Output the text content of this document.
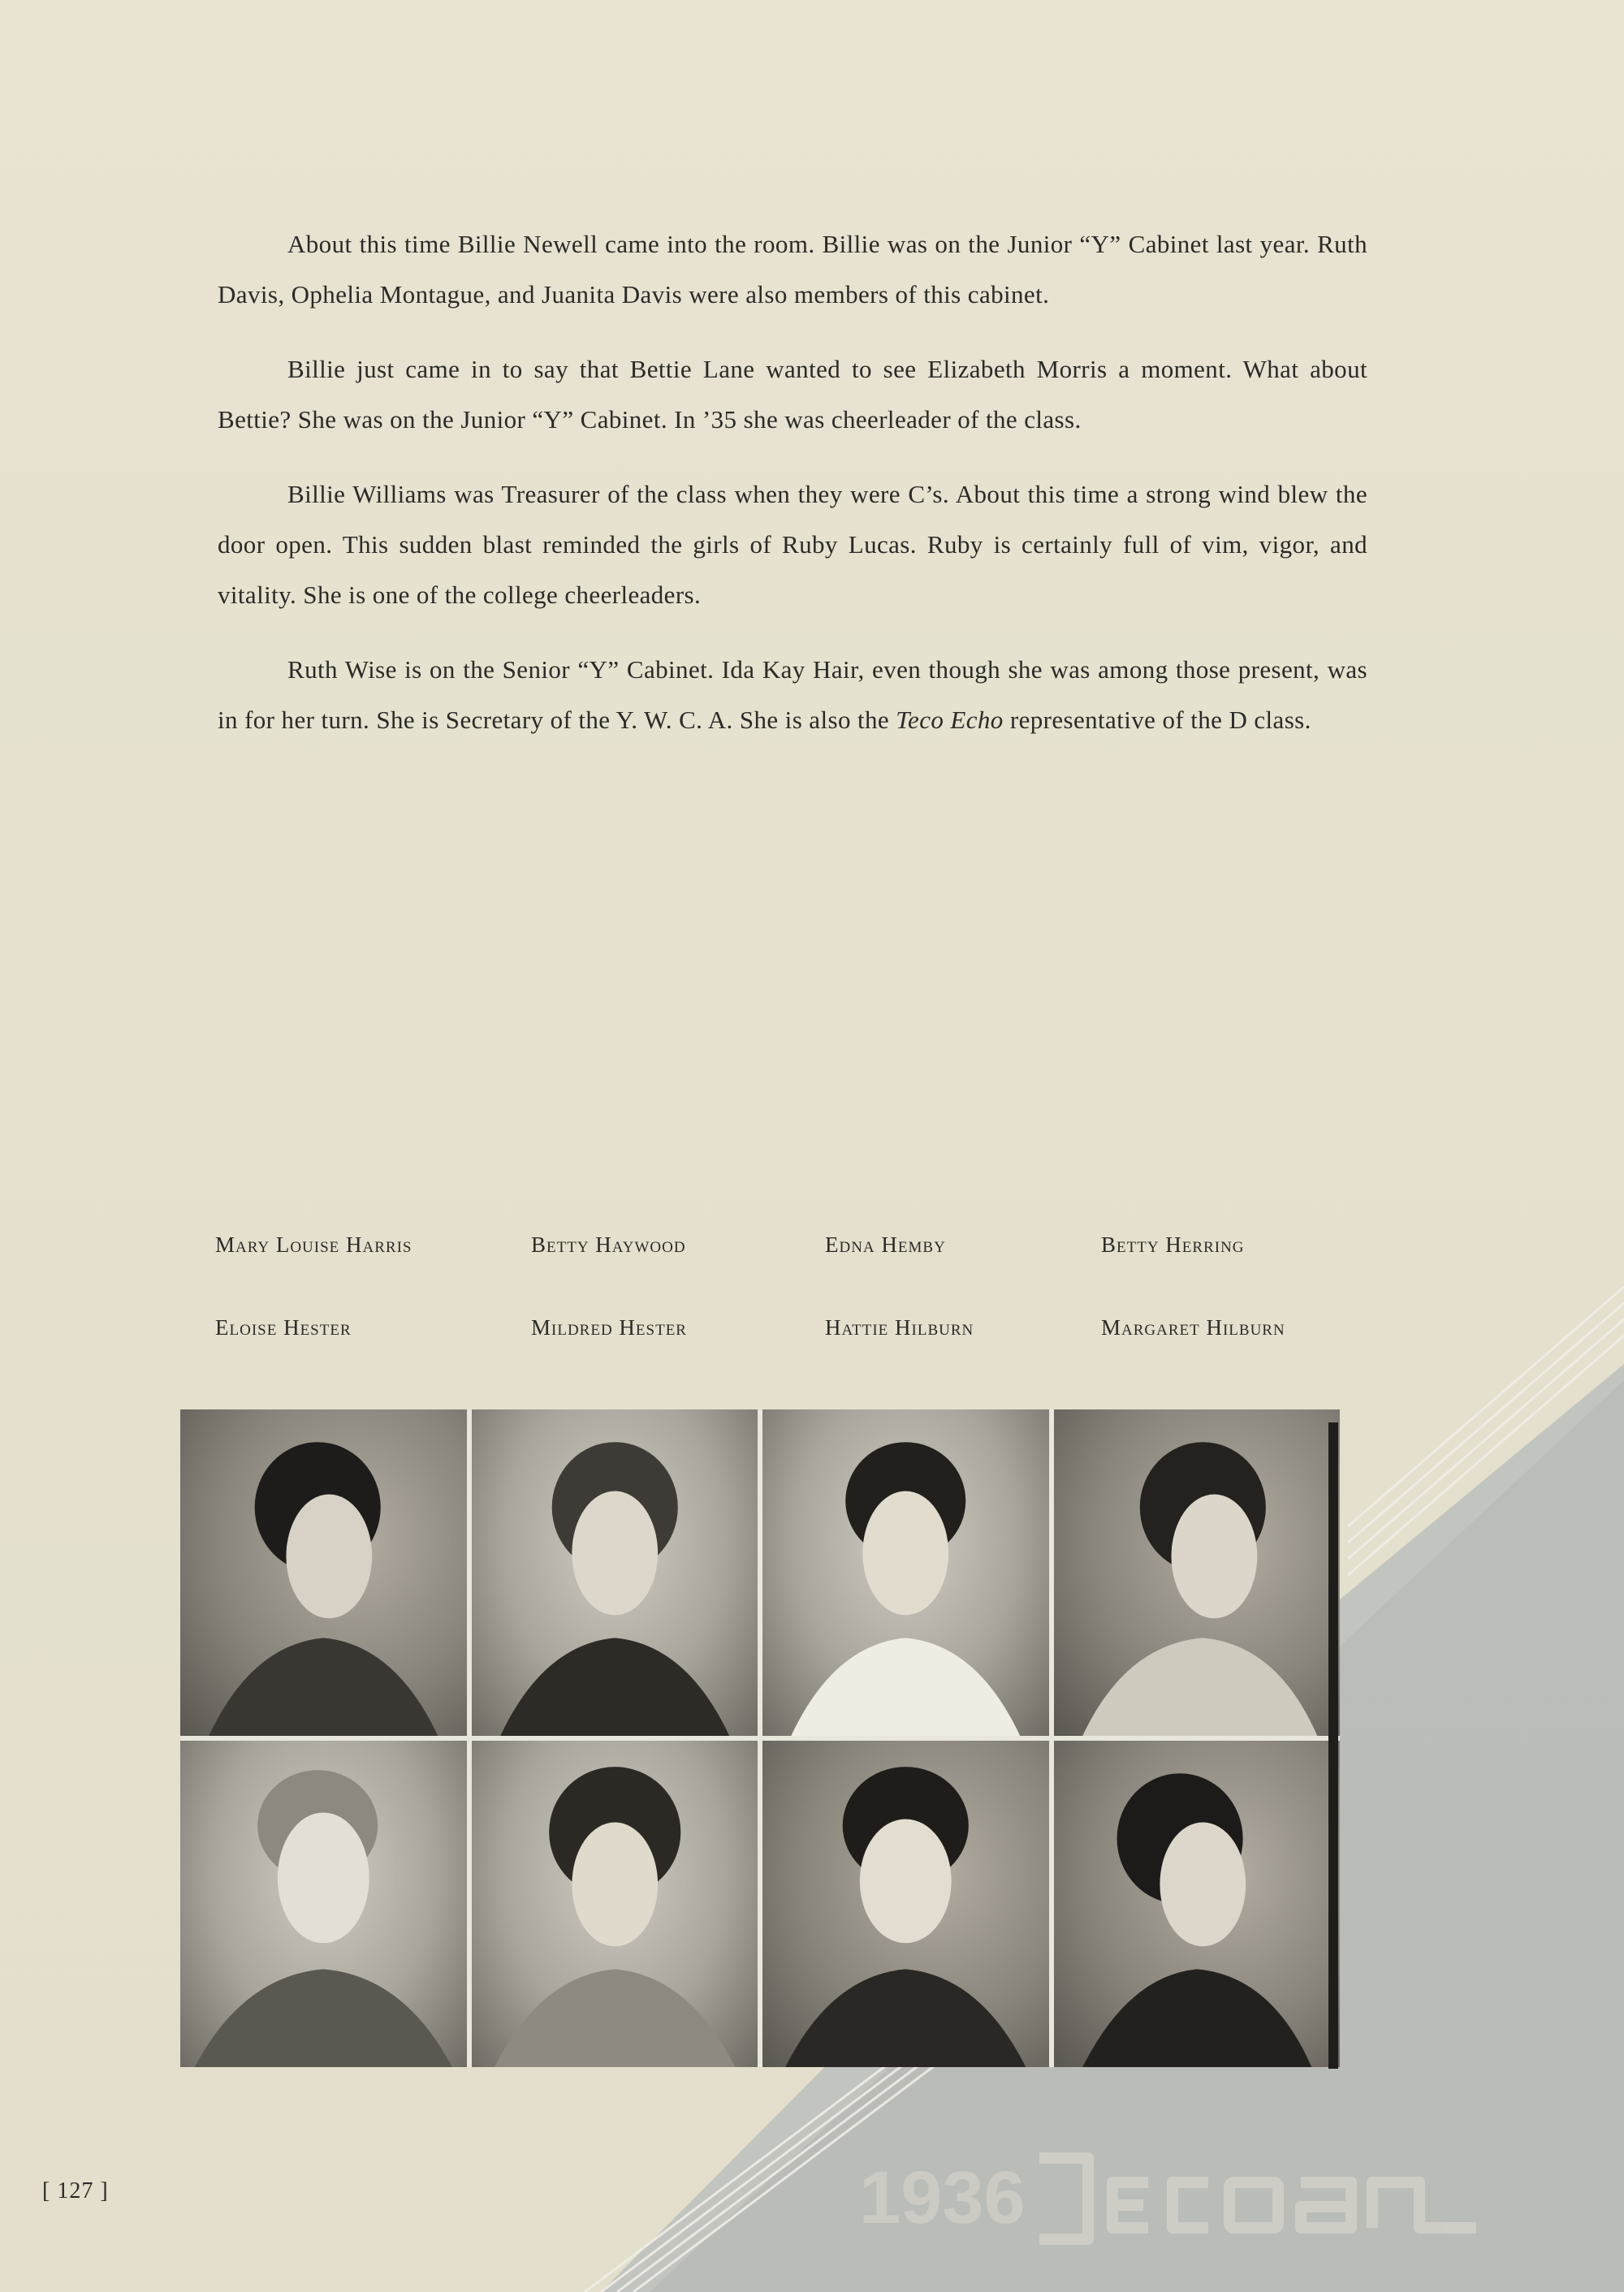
About this time Billie Newell came into the room. Billie was on the Junior “Y” Cabinet last year. Ruth Davis, Ophelia Montague, and Juanita Davis were also members of this cabinet.

Billie just came in to say that Bettie Lane wanted to see Elizabeth Morris a moment. What about Bettie? She was on the Junior “Y” Cabinet. In ’35 she was cheerleader of the class.

Billie Williams was Treasurer of the class when they were C’s. About this time a strong wind blew the door open. This sudden blast reminded the girls of Ruby Lucas. Ruby is certainly full of vim, vigor, and vitality. She is one of the college cheerleaders.

Ruth Wise is on the Senior “Y” Cabinet. Ida Kay Hair, even though she was among those present, was in for her turn. She is Secretary of the Y. W. C. A. She is also the Teco Echo representative of the D class.

Mary Louise Harris	Betty Haywood	Edna Hemby	Betty Herring
Eloise Hester	Mildred Hester	Hattie Hilburn	Margaret Hilburn
[ 127 ]	1936
